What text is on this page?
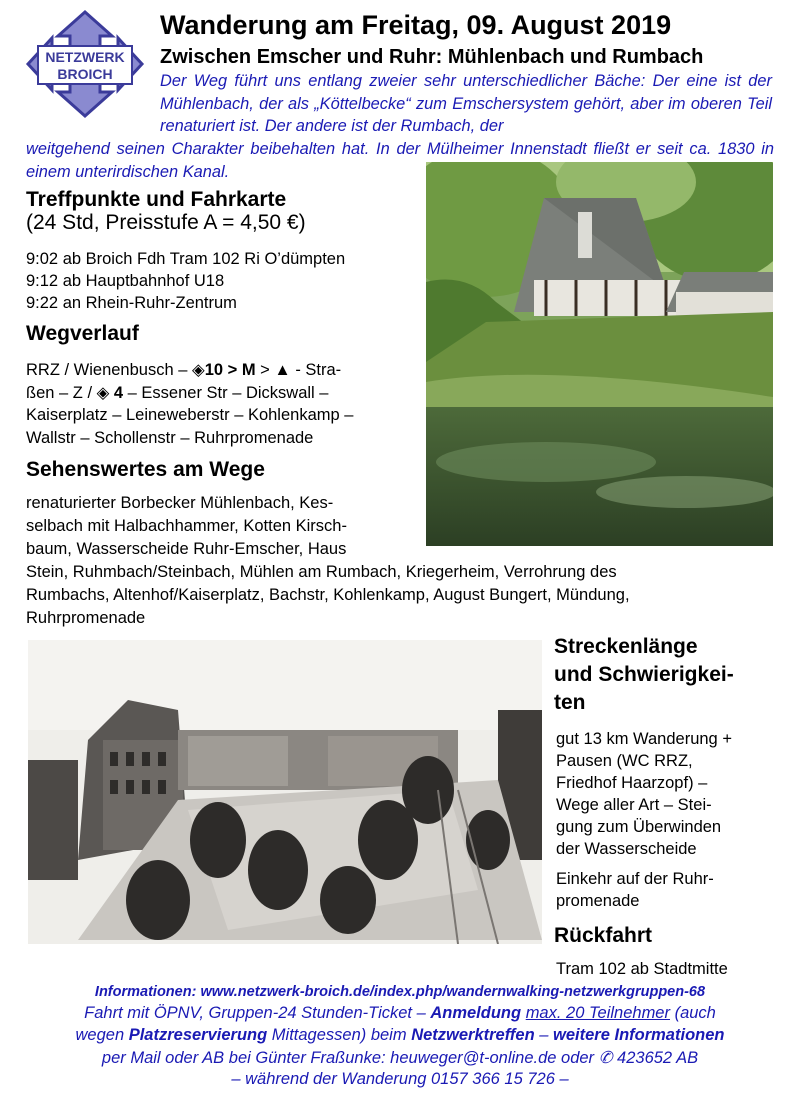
NETZWERK
BROICH
Wanderung am Freitag, 09. August 2019
Zwischen Emscher und Ruhr: Mühlenbach und Rumbach
Der Weg führt uns entlang zweier sehr unterschiedlicher Bäche: Der eine ist der Mühlenbach, der als „Köttelbecke“ zum Emschersystem gehört, aber im oberen Teil renaturiert ist. Der andere ist der Rumbach, der
weitgehend seinen Charakter beibehalten hat. In der Mülheimer Innenstadt fließt er seit ca. 1830 in einem unterirdischen Kanal.
Treffpunkte und Fahrkarte
(24 Std, Preisstufe A = 4,50 €)
9:02 ab Broich Fdh Tram 102 Ri O’dümpten
9:12 ab Hauptbahnhof U18
9:22 an Rhein-Ruhr-Zentrum
Wegverlauf
RRZ / Wienenbusch – ◈10 > M > ▲ - Stra-
ßen – Z / ◈ 4 – Essener Str – Dickswall –
Kaiserplatz – Leineweberstr – Kohlenkamp –
Wallstr – Schollenstr – Ruhrpromenade
Sehenswertes am Wege
renaturierter Borbecker Mühlenbach, Kes-
selbach mit Halbachhammer, Kotten Kirsch-
baum, Wasserscheide Ruhr-Emscher, Haus
Stein, Ruhmbach/Steinbach, Mühlen am Rumbach, Kriegerheim, Verrohrung des
Rumbachs, Altenhof/Kaiserplatz, Bachstr, Kohlenkamp, August Bungert, Mündung,
Ruhrpromenade
Streckenlänge
und Schwierigkei-
ten
gut 13 km Wanderung +
Pausen (WC RRZ,
Friedhof Haarzopf) –
Wege aller Art – Stei-
gung zum Überwinden
der Wasserscheide
Einkehr auf der Ruhr-
promenade
Rückfahrt
Tram 102 ab Stadtmitte
Informationen: www.netzwerk-broich.de/index.php/wandernwalking-netzwerkgruppen-68
Fahrt mit ÖPNV, Gruppen-24 Stunden-Ticket – Anmeldung max. 20 Teilnehmer (auch
wegen Platzreservierung Mittagessen) beim Netzwerktreffen – weitere Informationen
per Mail oder AB bei Günter Fraßunke: heuweger@t-online.de oder ✆ 423652 AB
– während der Wanderung 0157 366 15 726 –
